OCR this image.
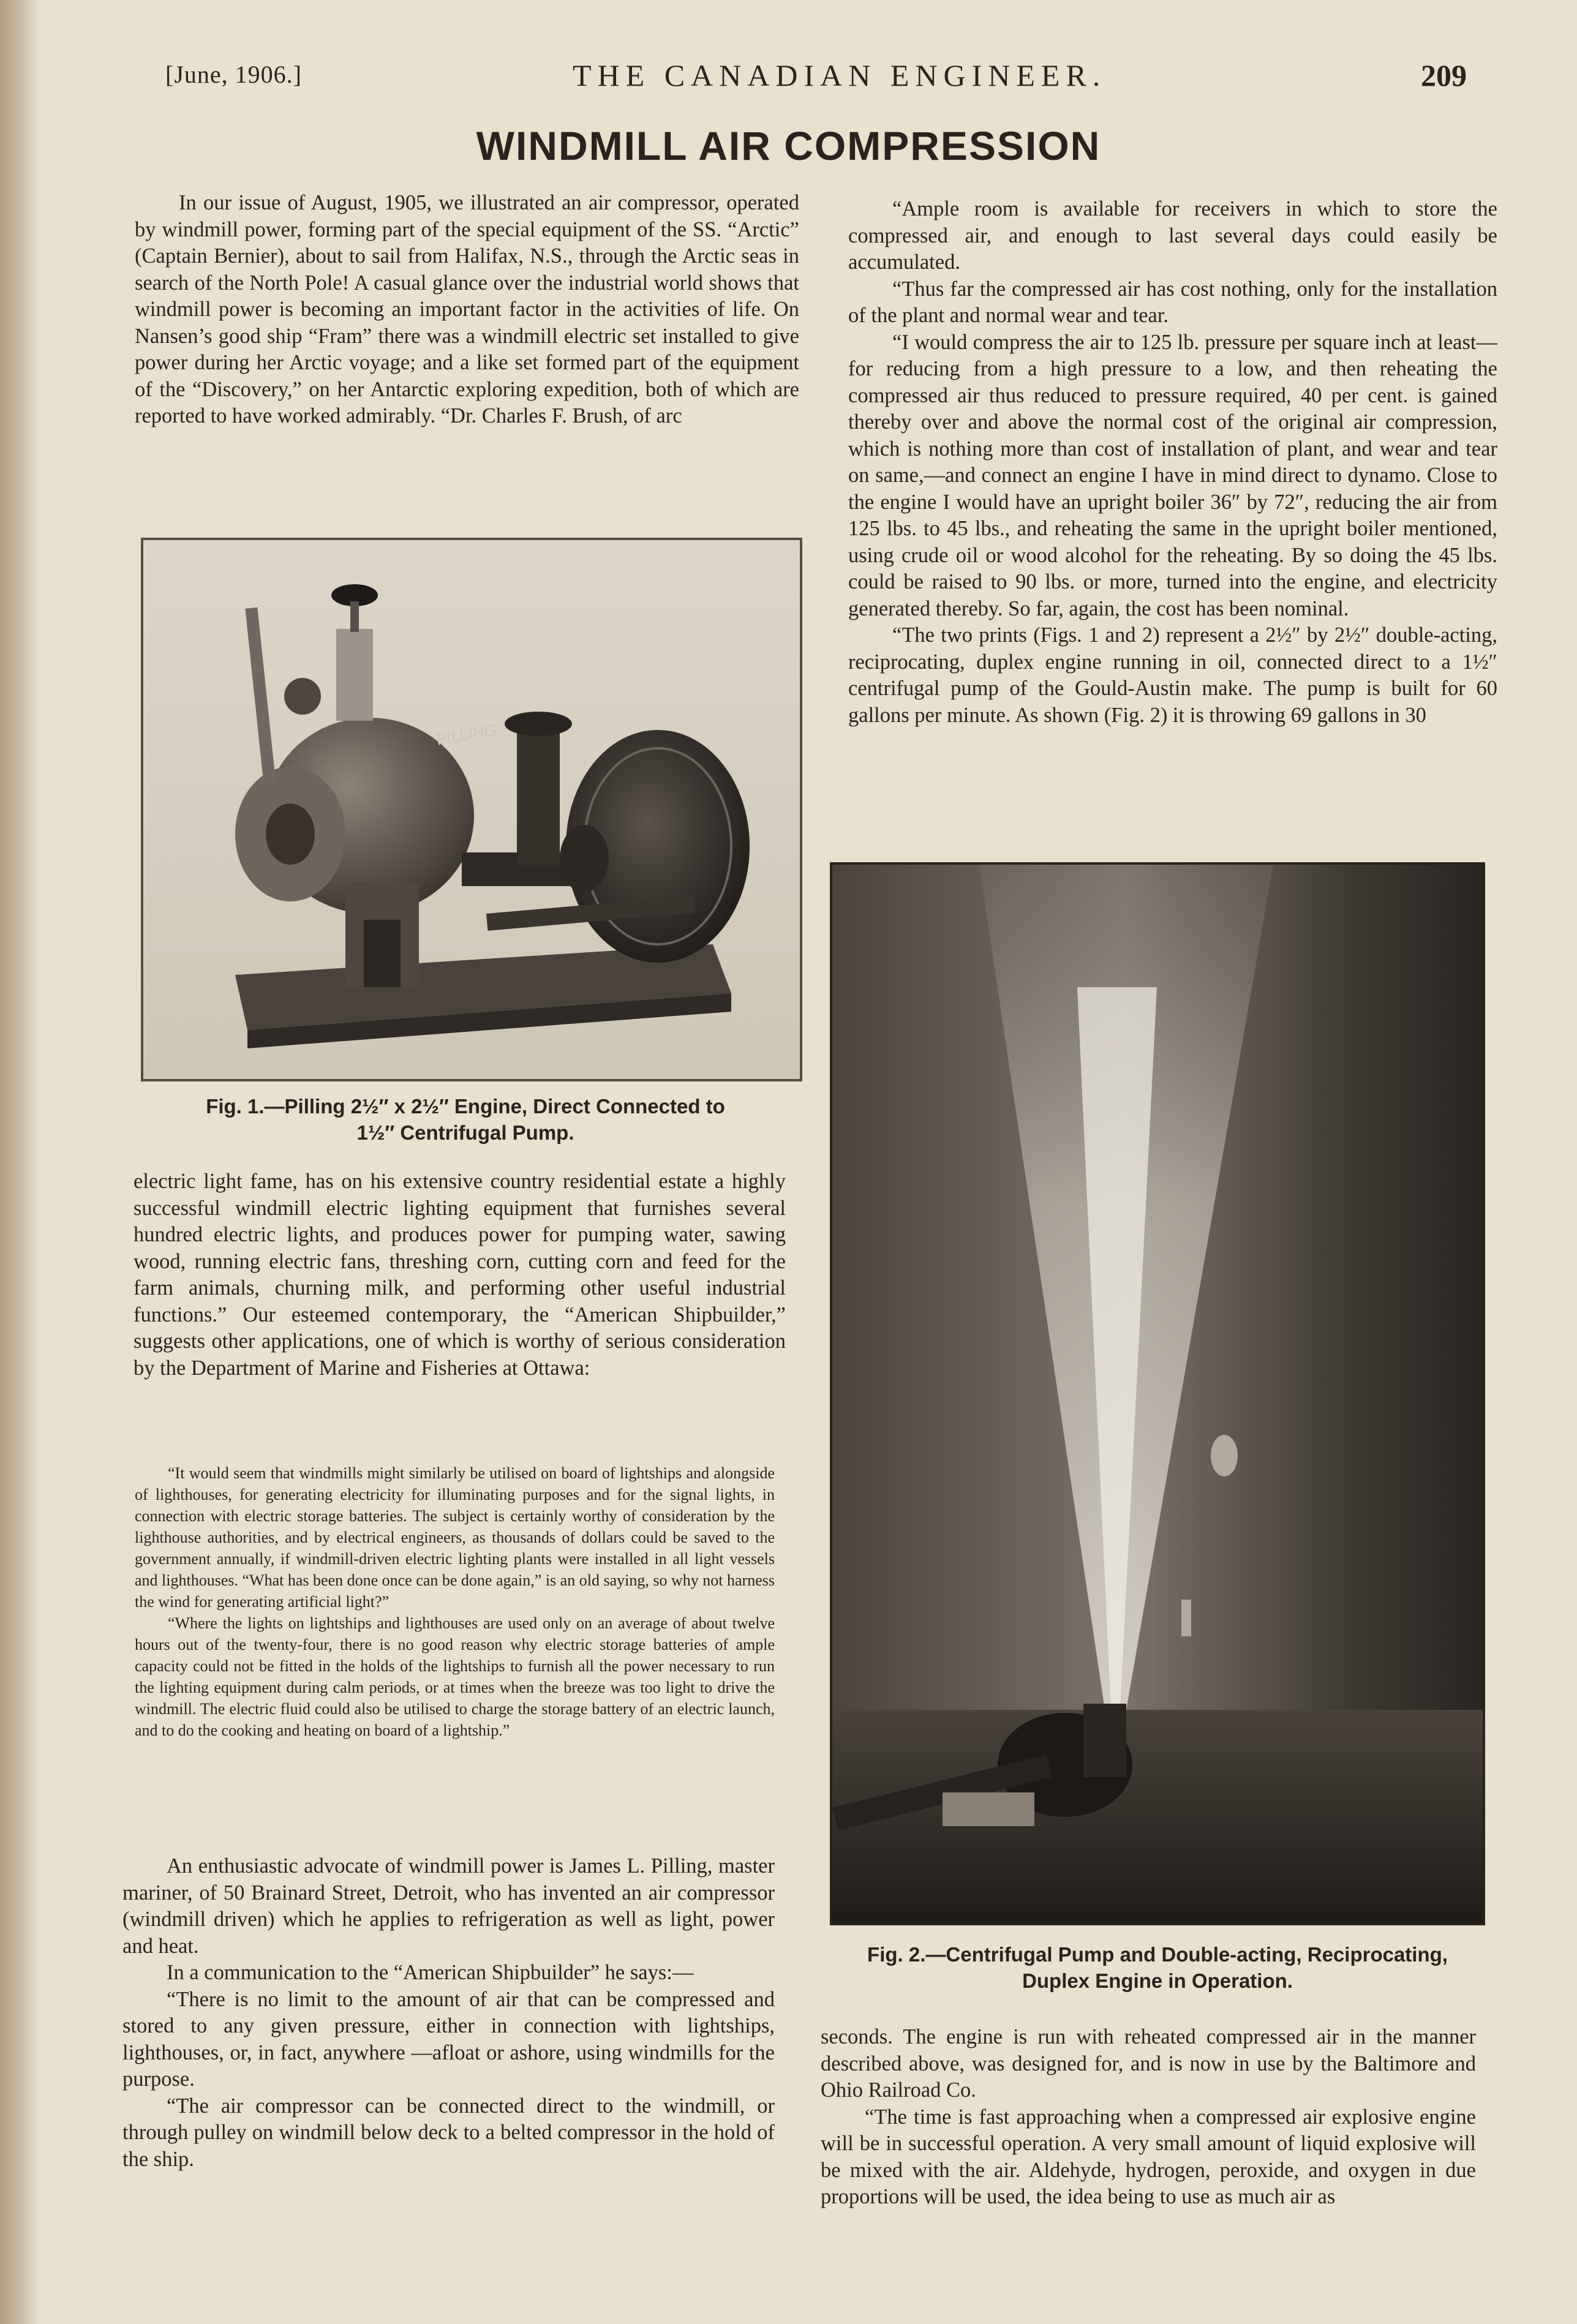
[June, 1906.]	THE CANADIAN ENGINEER.	209
WINDMILL AIR COMPRESSION

In our issue of August, 1905, we illustrated an air compressor, operated by windmill power, forming part of the special equipment of the SS. “Arctic” (Captain Bernier), about to sail from Halifax, N.S., through the Arctic seas in search of the North Pole! A casual glance over the industrial world shows that windmill power is becoming an important factor in the activities of life. On Nansen’s good ship “Fram” there was a windmill electric set installed to give power during her Arctic voyage; and a like set formed part of the equipment of the “Discovery,” on her Antarctic exploring expedition, both of which are reported to have worked admirably. “Dr. Charles F. Brush, of arc

PILLING

Fig. 1.—Pilling 2½″ x 2½″ Engine, Direct Connected to

1½″ Centrifugal Pump.

electric light fame, has on his extensive country residential estate a highly successful windmill electric lighting equipment that furnishes several hundred electric lights, and produces power for pumping water, sawing wood, running electric fans, threshing corn, cutting corn and feed for the farm animals, churning milk, and performing other useful industrial functions.” Our esteemed contemporary, the “American Shipbuilder,” suggests other applications, one of which is worthy of serious consideration by the Department of Marine and Fisheries at Ottawa:

“It would seem that windmills might similarly be utilised on board of lightships and alongside of lighthouses, for generating electricity for illuminating purposes and for the signal lights, in connection with electric storage batteries. The subject is certainly worthy of consideration by the lighthouse authorities, and by electrical engineers, as thousands of dollars could be saved to the government annually, if windmill-driven electric lighting plants were installed in all light vessels and lighthouses. “What has been done once can be done again,” is an old saying, so why not harness the wind for generating artificial light?”

“Where the lights on lightships and lighthouses are used only on an average of about twelve hours out of the twenty-four, there is no good reason why electric storage batteries of ample capacity could not be fitted in the holds of the lightships to furnish all the power necessary to run the lighting equipment during calm periods, or at times when the breeze was too light to drive the windmill. The electric fluid could also be utilised to charge the storage battery of an electric launch, and to do the cooking and heating on board of a lightship.”

An enthusiastic advocate of windmill power is James L. Pilling, master mariner, of 50 Brainard Street, Detroit, who has invented an air compressor (windmill driven) which he applies to refrigeration as well as light, power and heat.

In a communication to the “American Shipbuilder” he says:—

“There is no limit to the amount of air that can be compressed and stored to any given pressure, either in connection with lightships, lighthouses, or, in fact, anywhere —afloat or ashore, using windmills for the purpose.

“The air compressor can be connected direct to the windmill, or through pulley on windmill below deck to a belted compressor in the hold of the ship.

“Ample room is available for receivers in which to store the compressed air, and enough to last several days could easily be accumulated.

“Thus far the compressed air has cost nothing, only for the installation of the plant and normal wear and tear.

“I would compress the air to 125 lb. pressure per square inch at least—for reducing from a high pressure to a low, and then reheating the compressed air thus reduced to pressure required, 40 per cent. is gained thereby over and above the normal cost of the original air compression, which is nothing more than cost of installation of plant, and wear and tear on same,—and connect an engine I have in mind direct to dynamo. Close to the engine I would have an upright boiler 36″ by 72″, reducing the air from 125 lbs. to 45 lbs., and reheating the same in the upright boiler mentioned, using crude oil or wood alcohol for the reheating. By so doing the 45 lbs. could be raised to 90 lbs. or more, turned into the engine, and electricity generated thereby. So far, again, the cost has been nominal.

“The two prints (Figs. 1 and 2) represent a 2½″ by 2½″ double-acting, reciprocating, duplex engine running in oil, connected direct to a 1½″ centrifugal pump of the Gould-Austin make. The pump is built for 60 gallons per minute. As shown (Fig. 2) it is throwing 69 gallons in 30

Fig. 2.—Centrifugal Pump and Double-acting, Reciprocating,

Duplex Engine in Operation.

seconds. The engine is run with reheated compressed air in the manner described above, was designed for, and is now in use by the Baltimore and Ohio Railroad Co.

“The time is fast approaching when a compressed air explosive engine will be in successful operation. A very small amount of liquid explosive will be mixed with the air. Aldehyde, hydrogen, peroxide, and oxygen in due proportions will be used, the idea being to use as much air as
